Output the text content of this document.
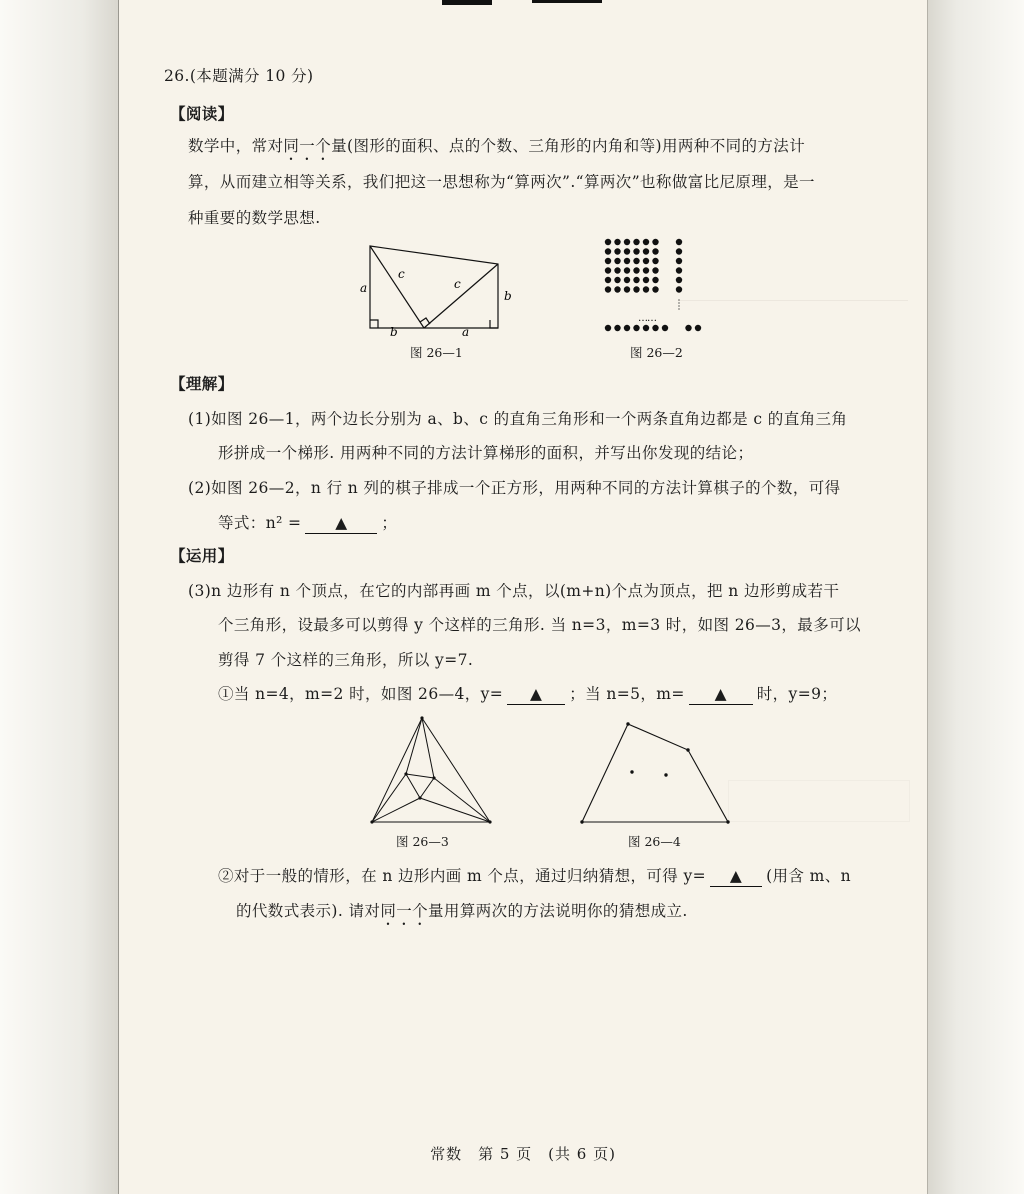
26.(本题满分 10 分)
【阅读】
数学中，常对同一个量(图形的面积、点的个数、三角形的内角和等)用两种不同的方法计
算，从而建立相等关系，我们把这一思想称为“算两次”.“算两次”也称做富比尼原理，是一
种重要的数学思想.
a
c
c
b
b	a
图 26—1
……
图 26—2
【理解】
(1)如图 26—1，两个边长分别为 a、b、c 的直角三角形和一个两条直角边都是 c 的直角三角
形拼成一个梯形. 用两种不同的方法计算梯形的面积，并写出你发现的结论；
(2)如图 26—2，n 行 n 列的棋子排成一个正方形，用两种不同的方法计算棋子的个数，可得
等式：n² = ▲ ；
【运用】
(3)n 边形有 n 个顶点，在它的内部再画 m 个点，以(m+n)个点为顶点，把 n 边形剪成若干
个三角形，设最多可以剪得 y 个这样的三角形. 当 n=3，m=3 时，如图 26—3，最多可以
剪得 7 个这样的三角形，所以 y=7.
①当 n=4，m=2 时，如图 26—4，y= ▲ ；当 n=5，m= ▲ 时，y=9；
图 26—3	图 26—4
②对于一般的情形，在 n 边形内画 m 个点，通过归纳猜想，可得 y= ▲ (用含 m、n
的代数式表示). 请对同一个量用算两次的方法说明你的猜想成立.
常数　第 5 页　(共 6 页)
